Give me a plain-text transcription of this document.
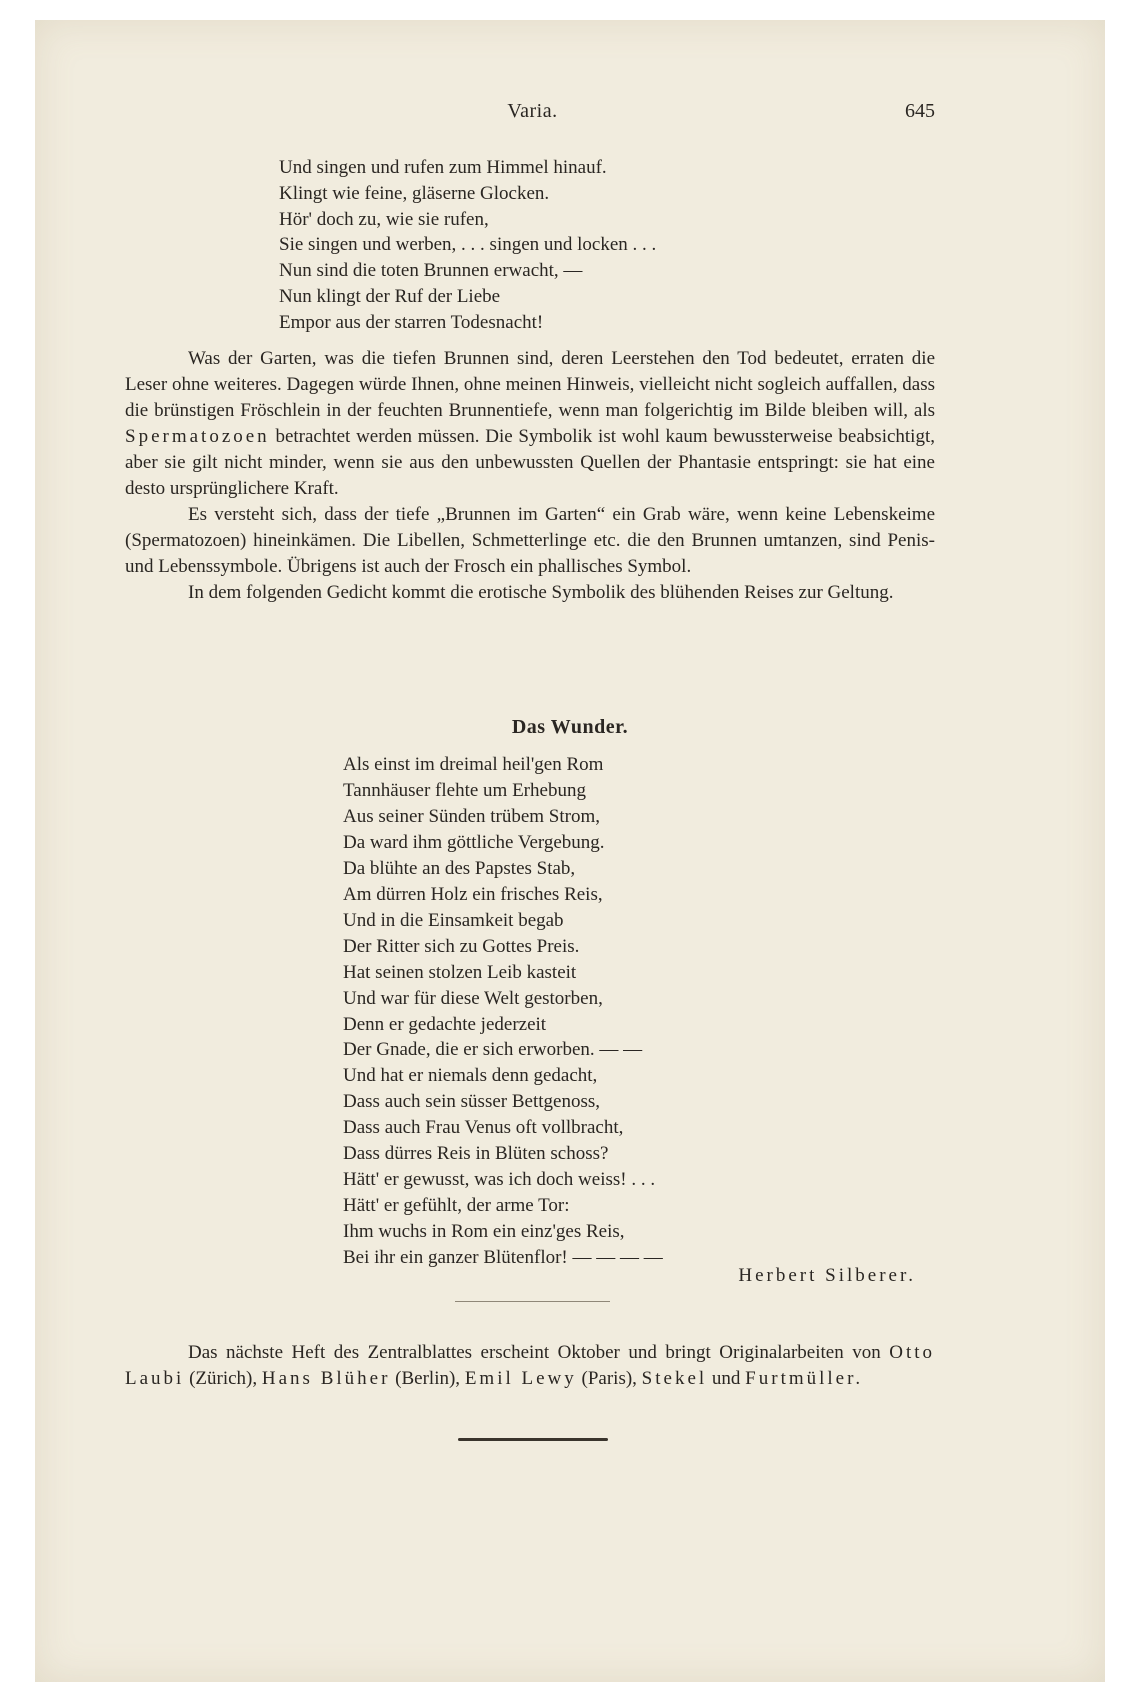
Varia.	645
Und singen und rufen zum Himmel hinauf.
Klingt wie feine, gläserne Glocken.
Hör' doch zu, wie sie rufen,
Sie singen und werben, . . . singen und locken . . .
Nun sind die toten Brunnen erwacht, —
Nun klingt der Ruf der Liebe
Empor aus der starren Todesnacht!

Was der Garten, was die tiefen Brunnen sind, deren Leerstehen den Tod bedeutet, erraten die Leser ohne weiteres. Dagegen würde Ihnen, ohne meinen Hinweis, vielleicht nicht sogleich auffallen, dass die brünstigen Fröschlein in der feuchten Brunnentiefe, wenn man folgerichtig im Bilde bleiben will, als Spermatozoen betrachtet werden müssen. Die Symbolik ist wohl kaum bewussterweise beabsichtigt, aber sie gilt nicht minder, wenn sie aus den unbewussten Quellen der Phantasie entspringt: sie hat eine desto ursprünglichere Kraft.

Es versteht sich, dass der tiefe „Brunnen im Garten“ ein Grab wäre, wenn keine Lebenskeime (Spermatozoen) hineinkämen. Die Libellen, Schmetterlinge etc. die den Brunnen umtanzen, sind Penis- und Lebenssymbole. Übrigens ist auch der Frosch ein phallisches Symbol.

In dem folgenden Gedicht kommt die erotische Symbolik des blühenden Reises zur Geltung.

Das Wunder.
Als einst im dreimal heil'gen Rom
Tannhäuser flehte um Erhebung
Aus seiner Sünden trübem Strom,
Da ward ihm göttliche Vergebung.
Da blühte an des Papstes Stab,
Am dürren Holz ein frisches Reis,
Und in die Einsamkeit begab
Der Ritter sich zu Gottes Preis.
Hat seinen stolzen Leib kasteit
Und war für diese Welt gestorben,
Denn er gedachte jederzeit
Der Gnade, die er sich erworben. — —
Und hat er niemals denn gedacht,
Dass auch sein süsser Bettgenoss,
Dass auch Frau Venus oft vollbracht,
Dass dürres Reis in Blüten schoss?
Hätt' er gewusst, was ich doch weiss! . . .
Hätt' er gefühlt, der arme Tor:
Ihm wuchs in Rom ein einz'ges Reis,
Bei ihr ein ganzer Blütenflor! — — — —
Herbert Silberer.

Das nächste Heft des Zentralblattes erscheint Oktober und bringt Originalarbeiten von Otto Laubi (Zürich), Hans Blüher (Berlin), Emil Lewy (Paris), Stekel und Furtmüller.
